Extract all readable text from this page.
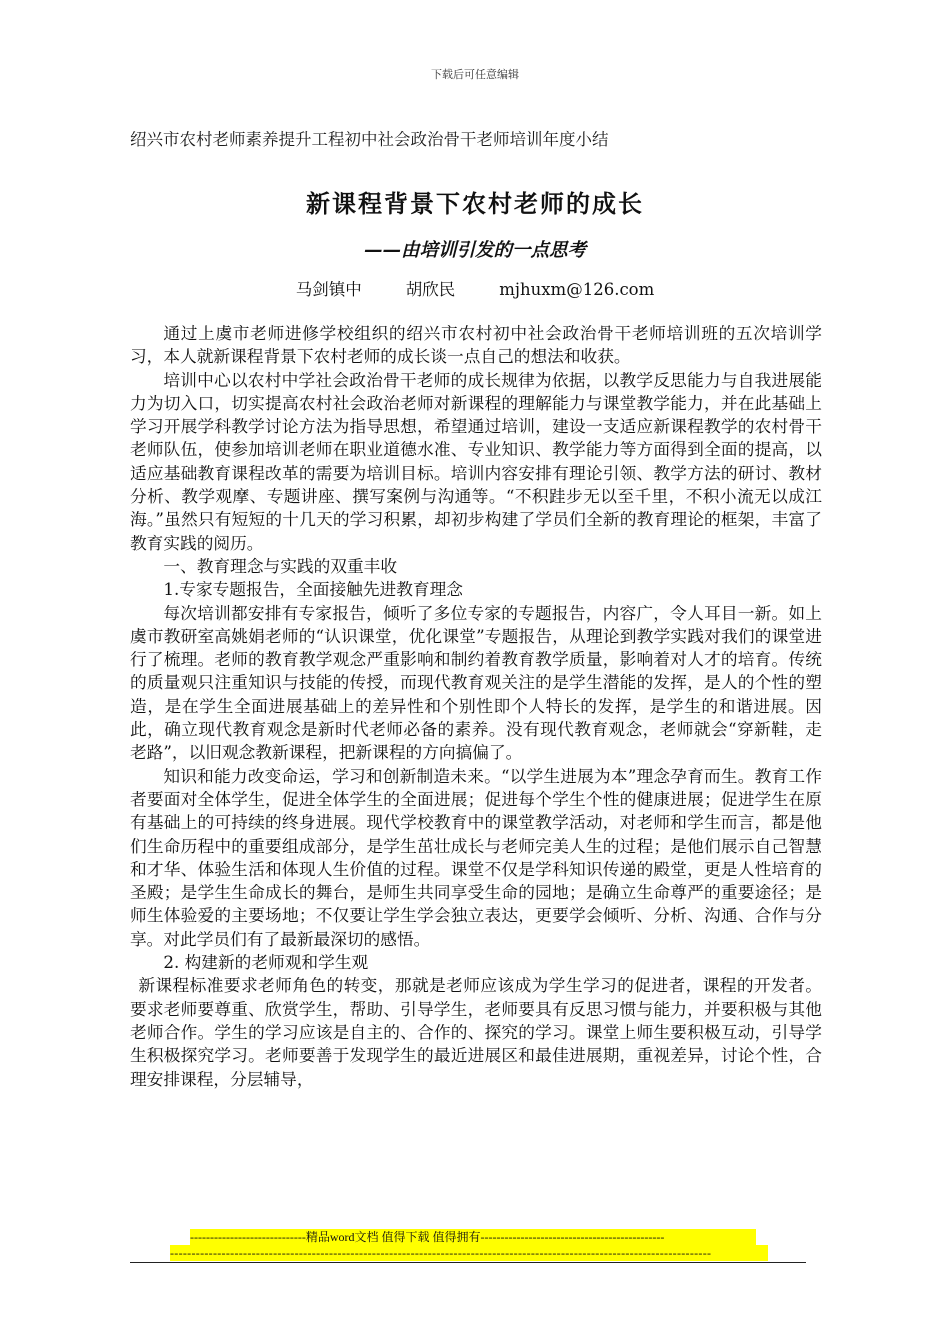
下载后可任意编辑
绍兴市农村老师素养提升工程初中社会政治骨干老师培训年度小结
新课程背景下农村老师的成长
——由培训引发的一点思考
马剑镇中	胡欣民	mjhuxm@126.com

通过上虞市老师进修学校组织的绍兴市农村初中社会政治骨干老师培训班的五次培训学习，本人就新课程背景下农村老师的成长谈一点自己的想法和收获。

培训中心以农村中学社会政治骨干老师的成长规律为依据，以教学反思能力与自我进展能力为切入口，切实提高农村社会政治老师对新课程的理解能力与课堂教学能力，并在此基础上学习开展学科教学讨论方法为指导思想，希望通过培训，建设一支适应新课程教学的农村骨干老师队伍，使参加培训老师在职业道德水准、专业知识、教学能力等方面得到全面的提高，以适应基础教育课程改革的需要为培训目标。培训内容安排有理论引领、教学方法的研讨、教材分析、教学观摩、专题讲座、撰写案例与沟通等。“不积跬步无以至千里，不积小流无以成江海。”虽然只有短短的十几天的学习积累，却初步构建了学员们全新的教育理论的框架，丰富了教育实践的阅历。

一、教育理念与实践的双重丰收

1.专家专题报告，全面接触先进教育理念

每次培训都安排有专家报告，倾听了多位专家的专题报告，内容广，令人耳目一新。如上虞市教研室高姚娟老师的“认识课堂，优化课堂”专题报告，从理论到教学实践对我们的课堂进行了梳理。老师的教育教学观念严重影响和制约着教育教学质量，影响着对人才的培育。传统的质量观只注重知识与技能的传授，而现代教育观关注的是学生潜能的发挥，是人的个性的塑造，是在学生全面进展基础上的差异性和个别性即个人特长的发挥，是学生的和谐进展。因此，确立现代教育观念是新时代老师必备的素养。没有现代教育观念，老师就会“穿新鞋，走老路”，以旧观念教新课程，把新课程的方向搞偏了。

知识和能力改变命运，学习和创新制造未来。“以学生进展为本”理念孕育而生。教育工作者要面对全体学生，促进全体学生的全面进展；促进每个学生个性的健康进展；促进学生在原有基础上的可持续的终身进展。现代学校教育中的课堂教学活动，对老师和学生而言，都是他们生命历程中的重要组成部分，是学生茁壮成长与老师完美人生的过程；是他们展示自己智慧和才华、体验生活和体现人生价值的过程。课堂不仅是学科知识传递的殿堂，更是人性培育的圣殿；是学生生命成长的舞台，是师生共同享受生命的园地；是确立生命尊严的重要途径；是师生体验爱的主要场地；不仅要让学生学会独立表达，更要学会倾听、分析、沟通、合作与分享。对此学员们有了最新最深切的感悟。

2. 构建新的老师观和学生观

新课程标准要求老师角色的转变，那就是老师应该成为学生学习的促进者，课程的开发者。要求老师要尊重、欣赏学生，帮助、引导学生，老师要具有反思习惯与能力，并要积极与其他老师合作。学生的学习应该是自主的、合作的、探究的学习。课堂上师生要积极互动，引导学生积极探究学习。老师要善于发现学生的最近进展区和最佳进展期，重视差异，讨论个性，合理安排课程，分层辅导，

-----------------------------精品word文档 值得下载 值得拥有----------------------------------------------
------------------------------------------------------------------------------------------------------------------------------
